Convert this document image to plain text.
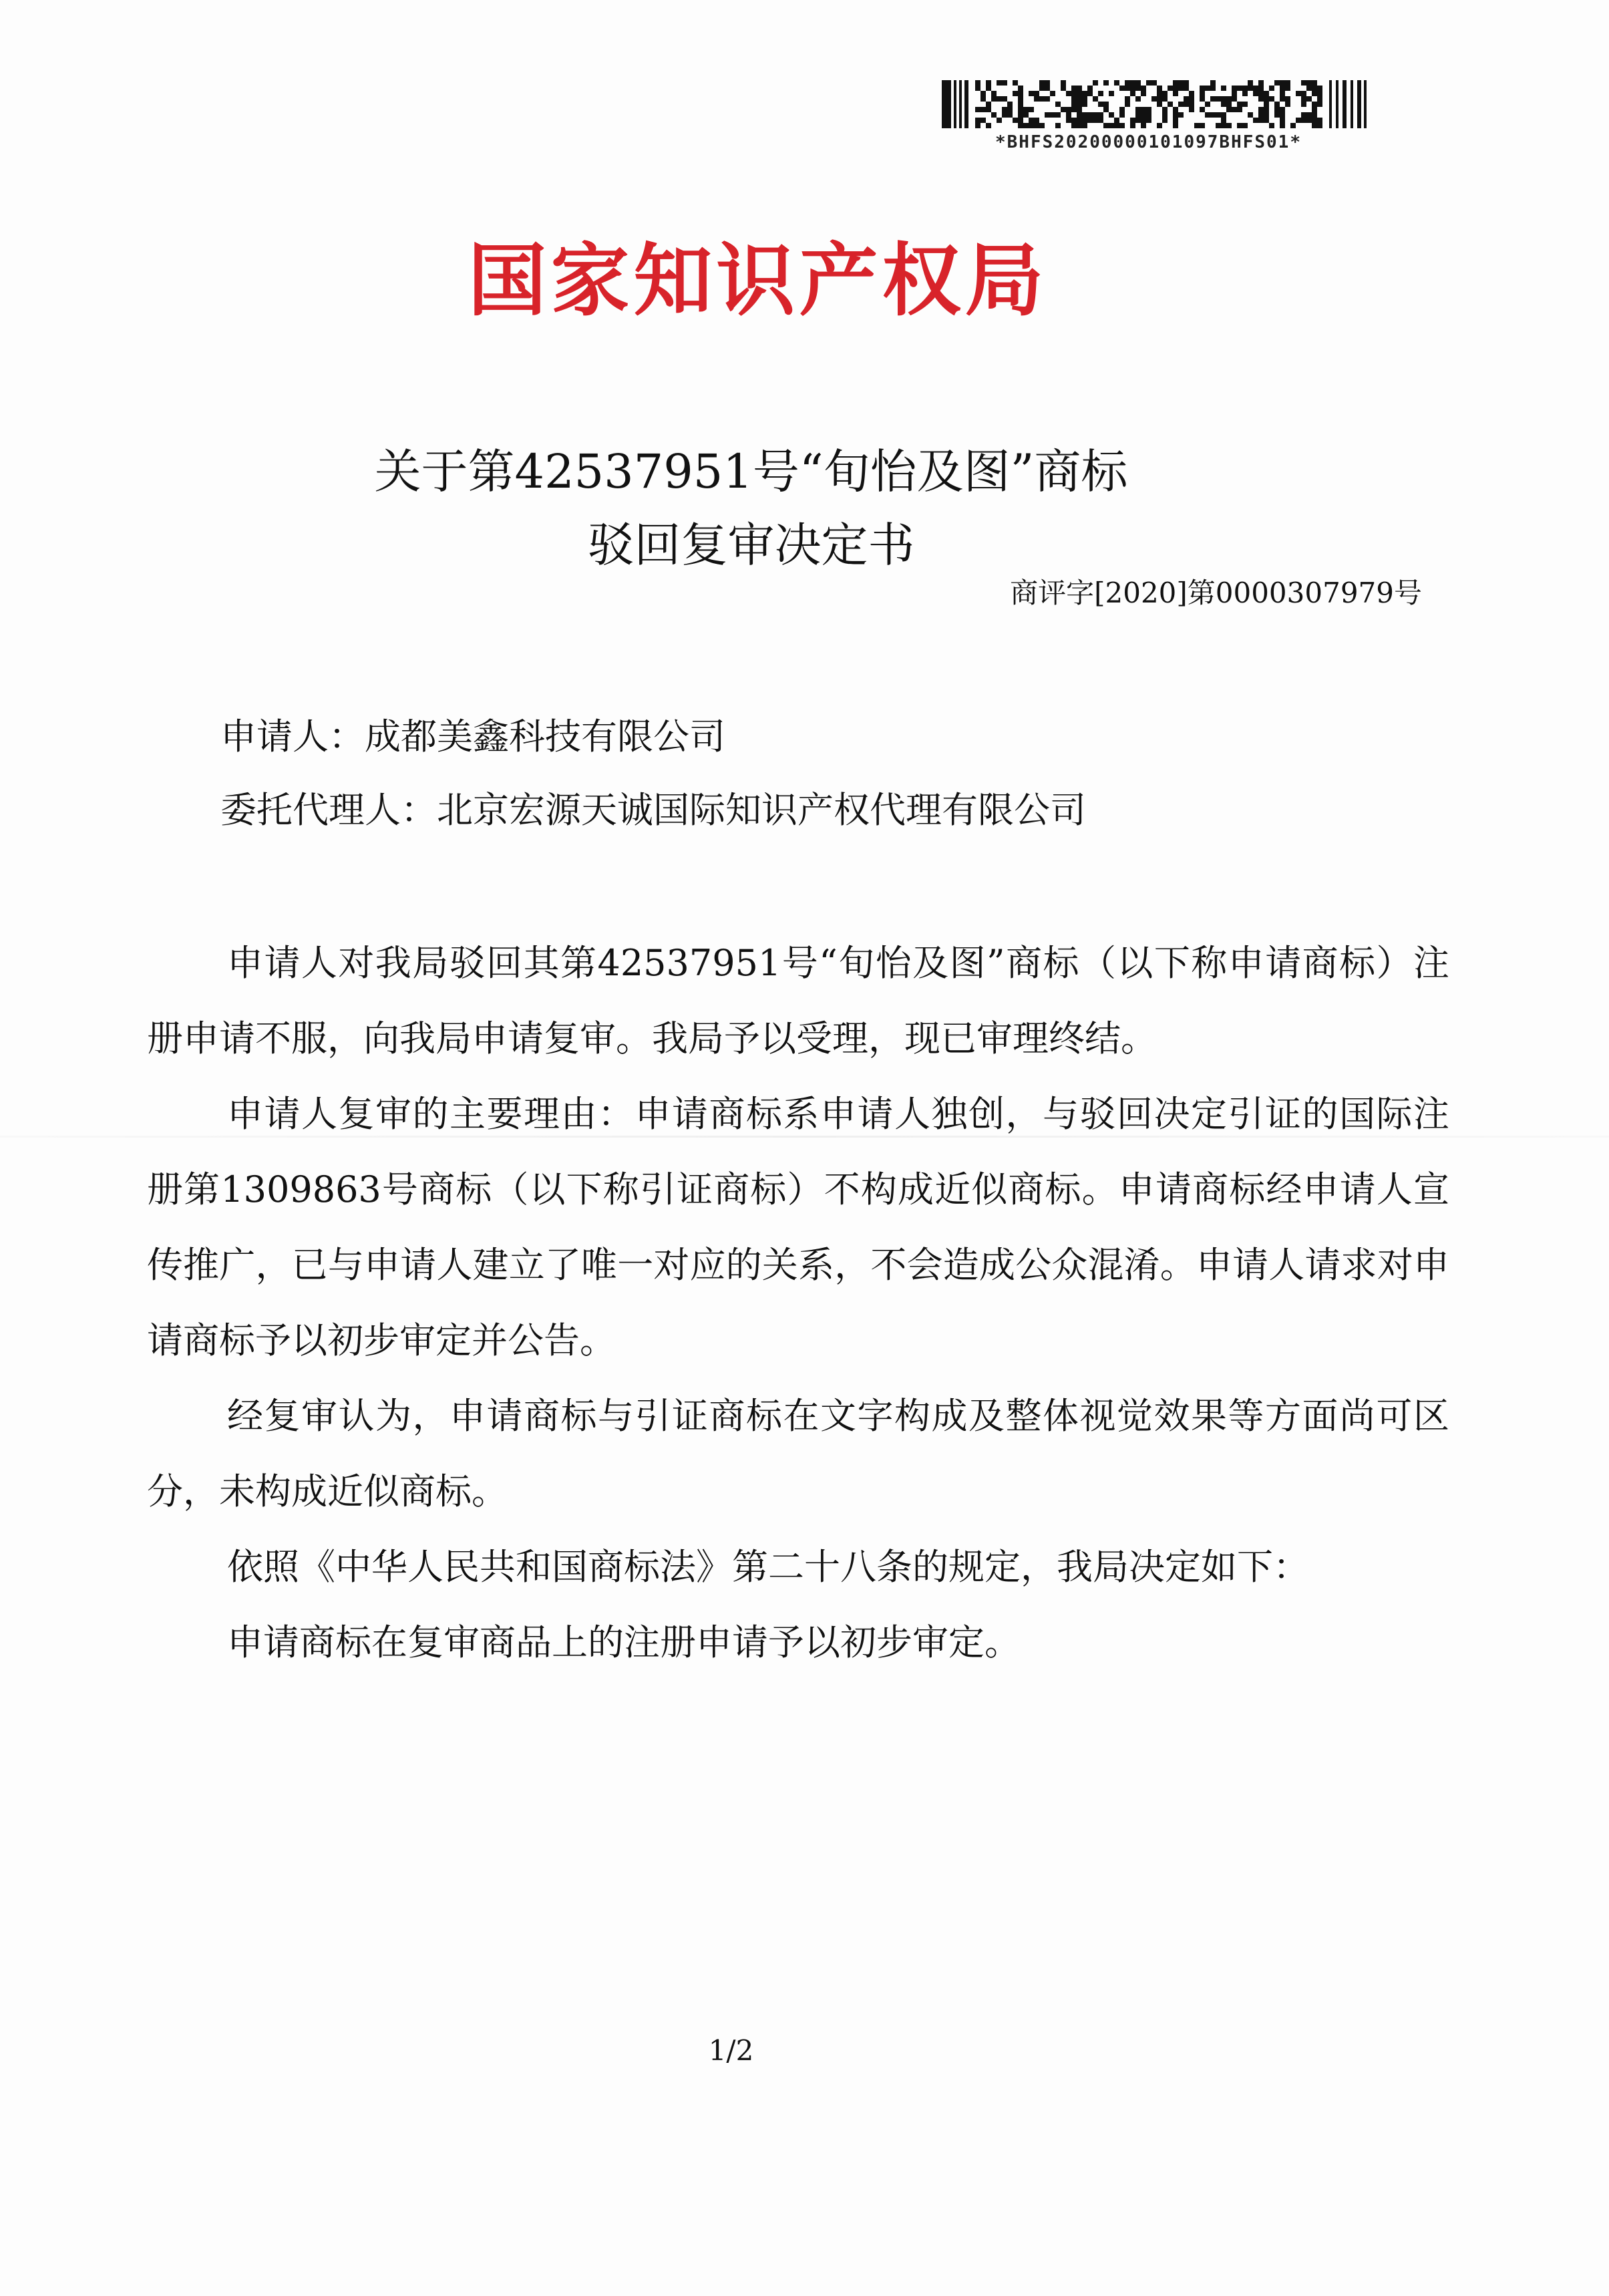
*BHFS20200000101097BHFS01*
国家知识产权局
关于第42537951号“旬怡及图”商标
驳回复审决定书
商评字[2020]第0000307979号
申请人：成都美鑫科技有限公司
委托代理人：北京宏源天诚国际知识产权代理有限公司

申请人对我局驳回其第42537951号“旬怡及图”商标（以下称申请商标）注册申请不服，向我局申请复审。我局予以受理，现已审理终结。

申请人复审的主要理由：申请商标系申请人独创，与驳回决定引证的国际注册第1309863号商标（以下称引证商标）不构成近似商标。申请商标经申请人宣传推广，已与申请人建立了唯一对应的关系，不会造成公众混淆。申请人请求对申请商标予以初步审定并公告。

经复审认为，申请商标与引证商标在文字构成及整体视觉效果等方面尚可区分，未构成近似商标。

依照《中华人民共和国商标法》第二十八条的规定，我局决定如下：

申请商标在复审商品上的注册申请予以初步审定。

1/2
